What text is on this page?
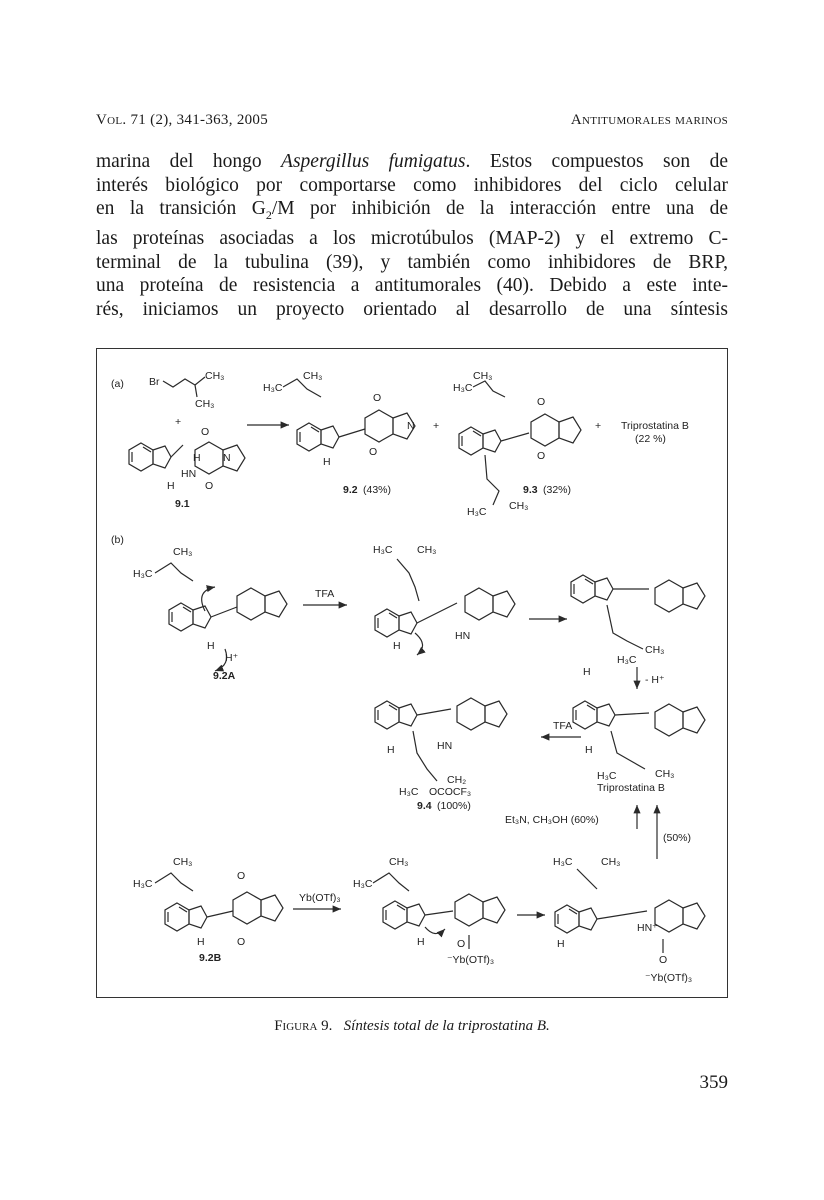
Vol. 71 (2), 341-363, 2005	Antitumorales marinos

marina del hongo Aspergillus fumigatus. Estos compuestos son de

interés biológico por comportarse como inhibidores del ciclo celular

en la transición $G_2/M$ por inhibición de la interacción entre una de

las proteínas asociadas a los microtúbulos (MAP-2) y el extremo C-

terminal de la tubulina (39), y también como inhibidores de BRP,

una proteína de resistencia a antitumorales (40). Debido a este inte-

rés, iniciamos un proyecto orientado al desarrollo de una síntesis

(a) Br	CH₃
CH₃
+
O
H
HN
N
O
H
9.1
H₃C
CH₃
O
N
O
H
9.2 (43%)
+
H₃C
CH₃
O
O
H₃C CH₃
9.3 (32%)
+ Triprostatina B
(22 %)
(b)
H₃C
CH₃
H
H⁺
9.2A
TFA
H₃C CH₃
H
HN
H
CH₃
H₃C
- H⁺
H
H₃C	CH₃
Triprostatina B
TFA
H	HN
CH₂
H₃C OCOCF₃
9.4 (100%)
Et₃N, CH₃OH (60%)
(50%)
H₃C
CH₃
O
O
H
9.2B
Yb(OTf)₃
H₃C
CH₃
H	O
⁻Yb(OTf)₃
H₃C	CH₃
H
HN⁺
O
⁻Yb(OTf)₃
Figura 9. Síntesis total de la triprostatina B.
359
